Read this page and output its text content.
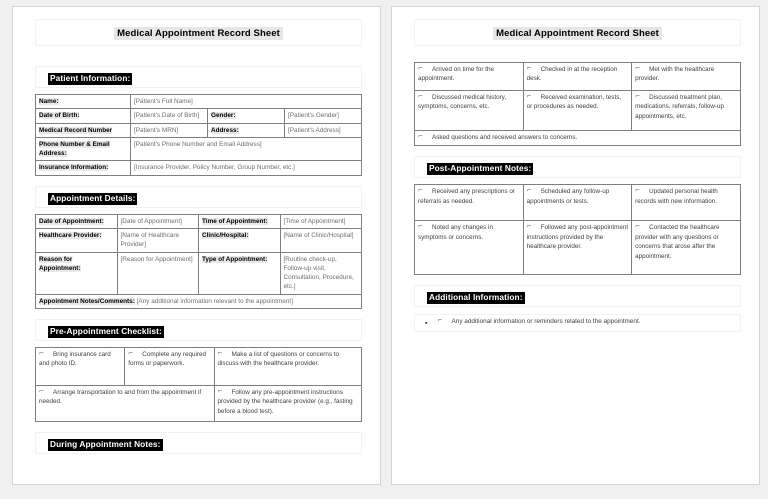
Medical Appointment Record Sheet
Patient Information:
Name:	[Patient's Full Name]		
Date of Birth:	[Patient's Date of Birth]	Gender:	[Patient's Gender]
Medical Record Number	[Patient's MRN]	Address:	[Patient's Address]
Phone Number & Email Address:	[Patient's Phone Number and Email Address]		
Insurance Information:	[Insurance Provider, Policy Number, Group Number, etc.]		
Appointment Details:
Date of Appointment:	[Date of Appointment]	Time of Appointment:	[Time of Appointment]
Healthcare Provider:	[Name of Healthcare Provider]	Clinic/Hospital:	[Name of Clinic/Hospital]
Reason for Appointment:	[Reason for Appointment]	Type of Appointment:	[Routine check-up, Follow-up visit, Consultation, Procedure, etc.]
Appointment Notes/Comments: [Any additional information relevant to the appointment]			
Pre-Appointment Checklist:
⌐ Bring insurance card and photo ID.	⌐ Complete any required forms or paperwork.	⌐ Make a list of questions or concerns to discuss with the healthcare provider.
⌐ Arrange transportation to and from the appointment if needed.		⌐ Follow any pre-appointment instructions provided by the healthcare provider (e.g., fasting before a blood test).
During Appointment Notes:
Medical Appointment Record Sheet
⌐ Arrived on time for the appointment.	⌐ Checked in at the reception desk.	⌐ Met with the healthcare provider.
⌐ Discussed medical history, symptoms, concerns, etc.	⌐ Received examination, tests, or procedures as needed.	⌐ Discussed treatment plan, medications, referrals, follow-up appointments, etc.
⌐ Asked questions and received answers to concerns.		
Post-Appointment Notes:
⌐ Received any prescriptions or referrals as needed.	⌐ Scheduled any follow-up appointments or tests.	⌐ Updated personal health records with new information.
⌐ Noted any changes in symptoms or concerns.	⌐ Followed any post-appointment instructions provided by the healthcare provider.	⌐ Contacted the healthcare provider with any questions or concerns that arose after the appointment.
Additional Information:
▪ ⌐ Any additional information or reminders related to the appointment.
